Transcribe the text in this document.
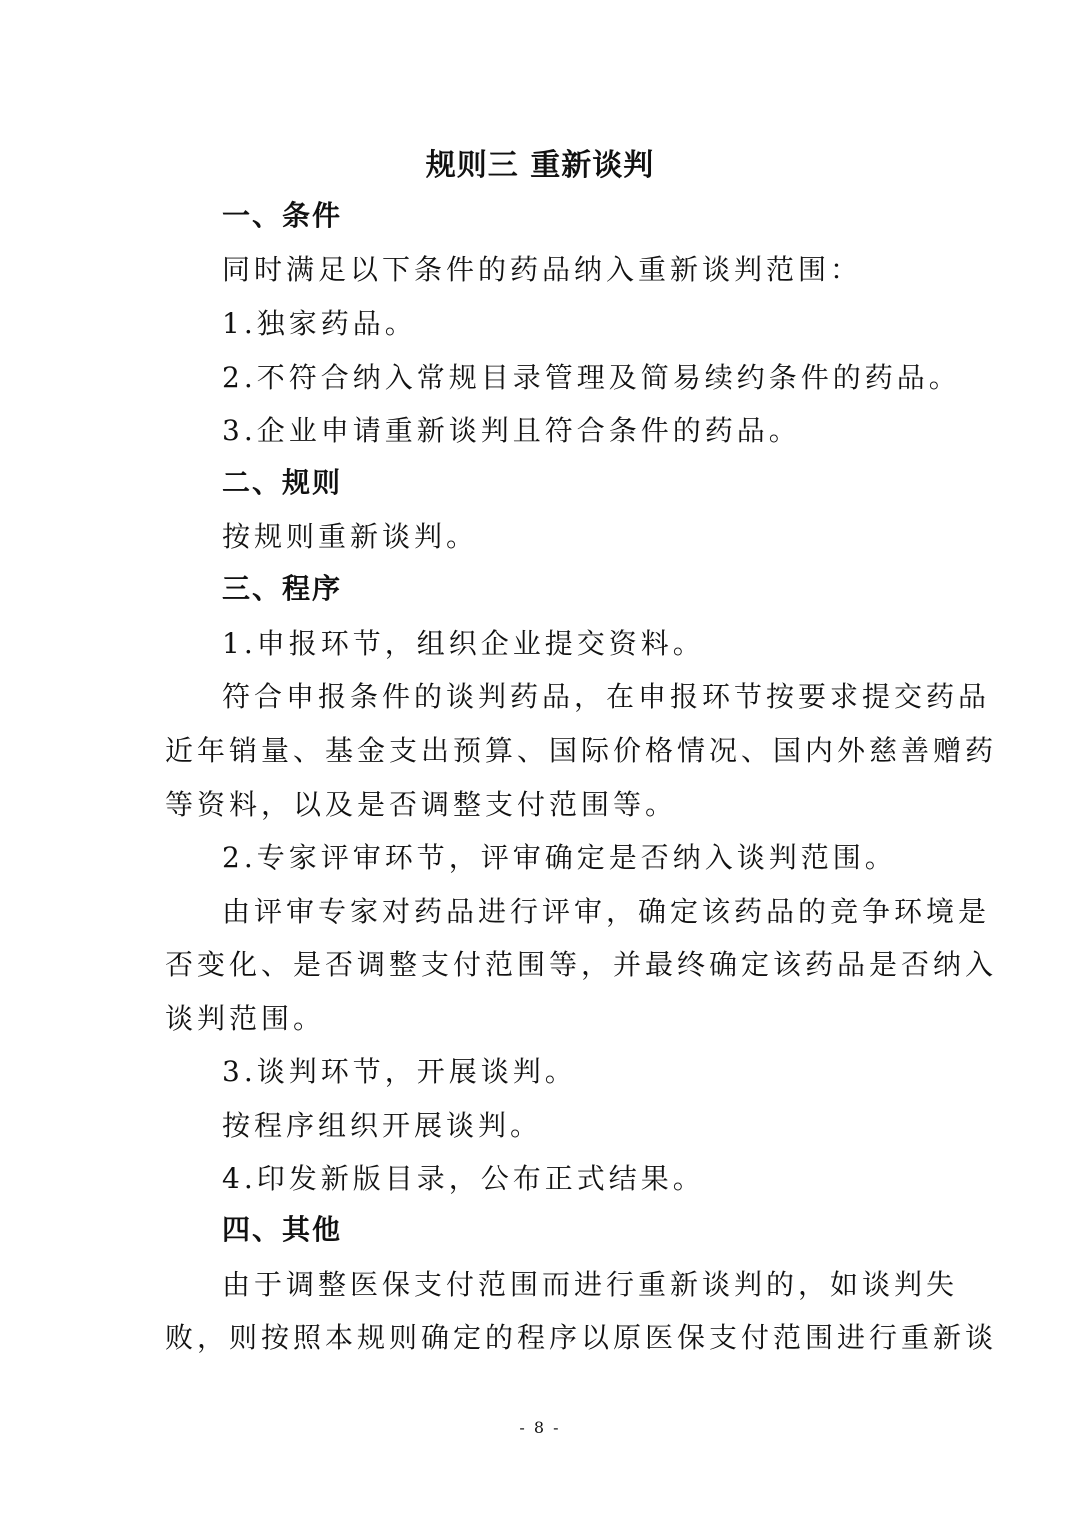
规则三 重新谈判
一、条件
同时满足以下条件的药品纳入重新谈判范围：
1.独家药品。
2.不符合纳入常规目录管理及简易续约条件的药品。
3.企业申请重新谈判且符合条件的药品。
二、规则
按规则重新谈判。
三、程序
1.申报环节，组织企业提交资料。
符合申报条件的谈判药品，在申报环节按要求提交药品
近年销量、基金支出预算、国际价格情况、国内外慈善赠药
等资料，以及是否调整支付范围等。
2.专家评审环节，评审确定是否纳入谈判范围。
由评审专家对药品进行评审，确定该药品的竞争环境是
否变化、是否调整支付范围等，并最终确定该药品是否纳入
谈判范围。
3.谈判环节，开展谈判。
按程序组织开展谈判。
4.印发新版目录，公布正式结果。
四、其他
由于调整医保支付范围而进行重新谈判的，如谈判失
败，则按照本规则确定的程序以原医保支付范围进行重新谈
- 8 -
